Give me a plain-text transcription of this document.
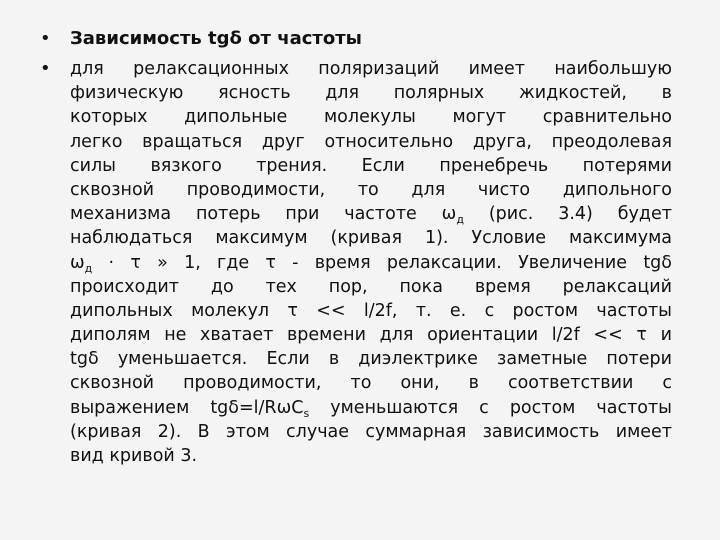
• Зависимость tgδ от частоты
• для релаксационных поляризаций имеет наибольшую
физическую ясность для полярных жидкостей, в
которых дипольные молекулы могут сравнительно
легко вращаться друг относительно друга, преодолевая
силы вязкого трения. Если пренебречь потерями
сквозной проводимости, то для чисто дипольного
механизма потерь при частоте $\omega_д$ (рис. 3.4) будет
наблюдаться максимум (кривая 1). Условие максимума
$\omega_д \cdot \tau$ » 1, где τ - время релаксации. Увеличение tgδ
происходит до тех пор, пока время релаксаций
дипольных молекул τ << l/2f, т. е. с ростом частоты
диполям не хватает времени для ориентации l/2f << τ и
tgδ уменьшается. Если в диэлектрике заметные потери
сквозной проводимости, то они, в соответствии с
выражением tgδ=l/RωC$_s$ уменьшаются с ростом частоты
(кривая 2). В этом случае суммарная зависимость имеет
вид кривой 3.
